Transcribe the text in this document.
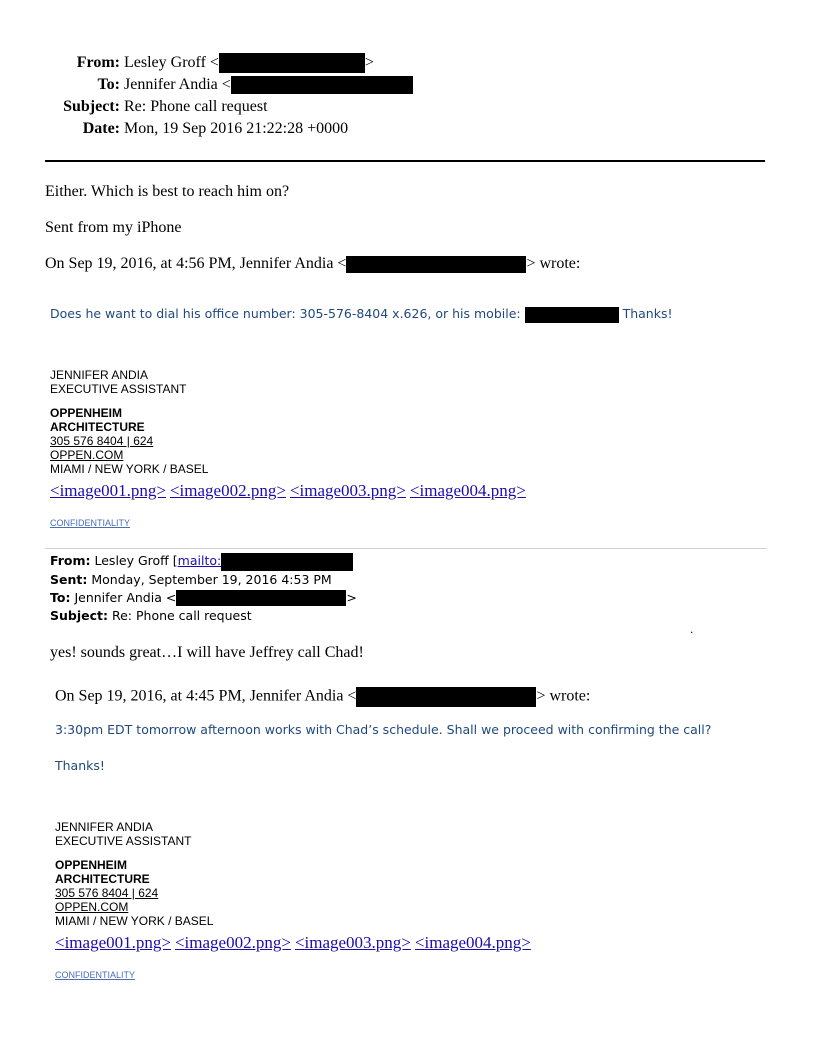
From: Lesley Groff <	>
To: Jennifer Andia <
Subject: Re: Phone call request
Date: Mon, 19 Sep 2016 21:22:28 +0000
Either. Which is best to reach him on?
Sent from my iPhone
On Sep 19, 2016, at 4:56 PM, Jennifer Andia <	> wrote:
Does he want to dial his office number: 305-576-8404 x.626, or his mobile:	Thanks!
JENNIFER ANDIA
EXECUTIVE ASSISTANT
OPPENHEIM
ARCHITECTURE
305 576 8404 | 624
OPPEN.COM
MIAMI / NEW YORK / BASEL
<image001.png> <image002.png> <image003.png> <image004.png>
CONFIDENTIALITY
From: Lesley Groff [mailto:
Sent: Monday, September 19, 2016 4:53 PM
To: Jennifer Andia <	>
Subject: Re: Phone call request
.
yes! sounds great…I will have Jeffrey call Chad!
On Sep 19, 2016, at 4:45 PM, Jennifer Andia <	> wrote:
3:30pm EDT tomorrow afternoon works with Chad’s schedule. Shall we proceed with confirming the call?
Thanks!
JENNIFER ANDIA
EXECUTIVE ASSISTANT
OPPENHEIM
ARCHITECTURE
305 576 8404 | 624
OPPEN.COM
MIAMI / NEW YORK / BASEL
<image001.png> <image002.png> <image003.png> <image004.png>
CONFIDENTIALITY
